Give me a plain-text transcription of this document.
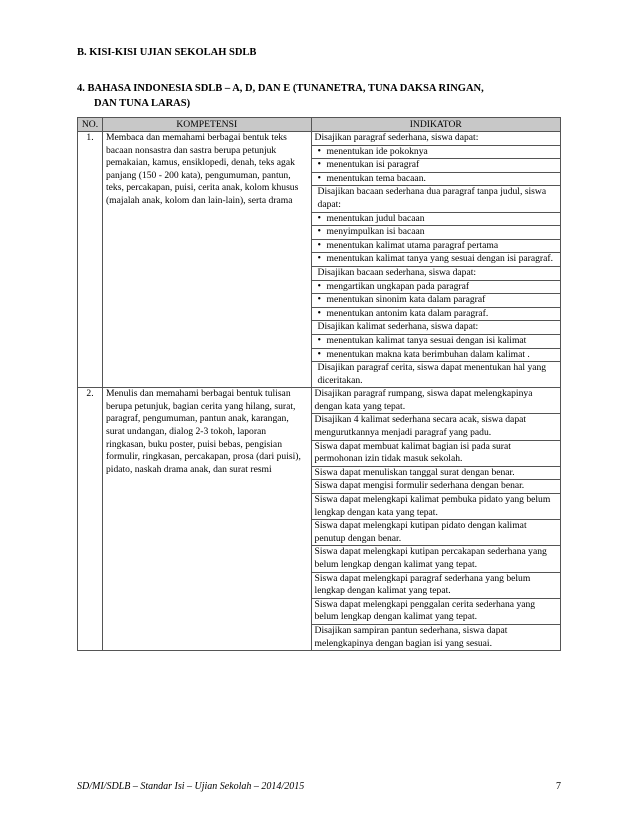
B. KISI-KISI UJIAN SEKOLAH SDLB
4. BAHASA INDONESIA SDLB – A, D, DAN E (TUNANETRA, TUNA DAKSA RINGAN,
DAN TUNA LARAS)
NO.	KOMPETENSI	INDIKATOR
1.	Membaca dan memahami berbagai bentuk teks bacaan nonsastra dan sastra berupa petunjuk pemakaian, kamus, ensiklopedi, denah, teks agak panjang (150 - 200 kata), pengumuman, pantun, teks, percakapan, puisi, cerita anak, kolom khusus (majalah anak, kolom dan lain-lain), serta drama	Disajikan paragraf sederhana, siswa dapat:

		• menentukan ide pokoknya

		• menentukan isi paragraf

		• menentukan tema bacaan.

		Disajikan bacaan sederhana dua paragraf tanpa judul, siswa dapat:

		• menentukan judul bacaan

		• menyimpulkan isi bacaan

		• menentukan kalimat utama paragraf pertama

		• menentukan kalimat tanya yang sesuai dengan isi paragraf.

		Disajikan bacaan sederhana, siswa dapat:

		• mengartikan ungkapan pada paragraf

		• menentukan sinonim kata dalam paragraf

		• menentukan antonim kata dalam paragraf.

		Disajikan kalimat sederhana, siswa dapat:

		• menentukan kalimat tanya sesuai dengan isi kalimat

		• menentukan makna kata berimbuhan dalam kalimat .

		Disajikan paragraf cerita, siswa dapat menentukan hal yang diceritakan.
2.	Menulis dan memahami berbagai bentuk tulisan berupa petunjuk, bagian cerita yang hilang, surat, paragraf, pengumuman, pantun anak, karangan, surat undangan, dialog 2-3 tokoh, laporan ringkasan, buku poster, puisi bebas, pengisian formulir, ringkasan, percakapan, prosa (dari puisi), pidato, naskah drama anak, dan surat resmi	Disajikan paragraf rumpang, siswa dapat melengkapinya dengan kata yang tepat.
		Disajikan 4 kalimat sederhana secara acak, siswa dapat mengurutkannya menjadi paragraf yang padu.
		Siswa dapat membuat kalimat bagian isi pada surat permohonan izin tidak masuk sekolah.
		Siswa dapat menuliskan tanggal surat dengan benar.
		Siswa dapat mengisi formulir sederhana dengan benar.
		Siswa dapat melengkapi kalimat pembuka pidato yang belum lengkap dengan kata yang tepat.
		Siswa dapat melengkapi kutipan pidato dengan kalimat penutup dengan benar.
		Siswa dapat melengkapi kutipan percakapan sederhana yang belum lengkap dengan kalimat yang tepat.
		Siswa dapat melengkapi paragraf sederhana yang belum lengkap dengan kalimat yang tepat.
		Siswa dapat melengkapi penggalan cerita sederhana yang belum lengkap dengan kalimat yang tepat.
		Disajikan sampiran pantun sederhana, siswa dapat melengkapinya dengan bagian isi yang sesuai.
SD/MI/SDLB – Standar Isi – Ujian Sekolah – 2014/2015	7
